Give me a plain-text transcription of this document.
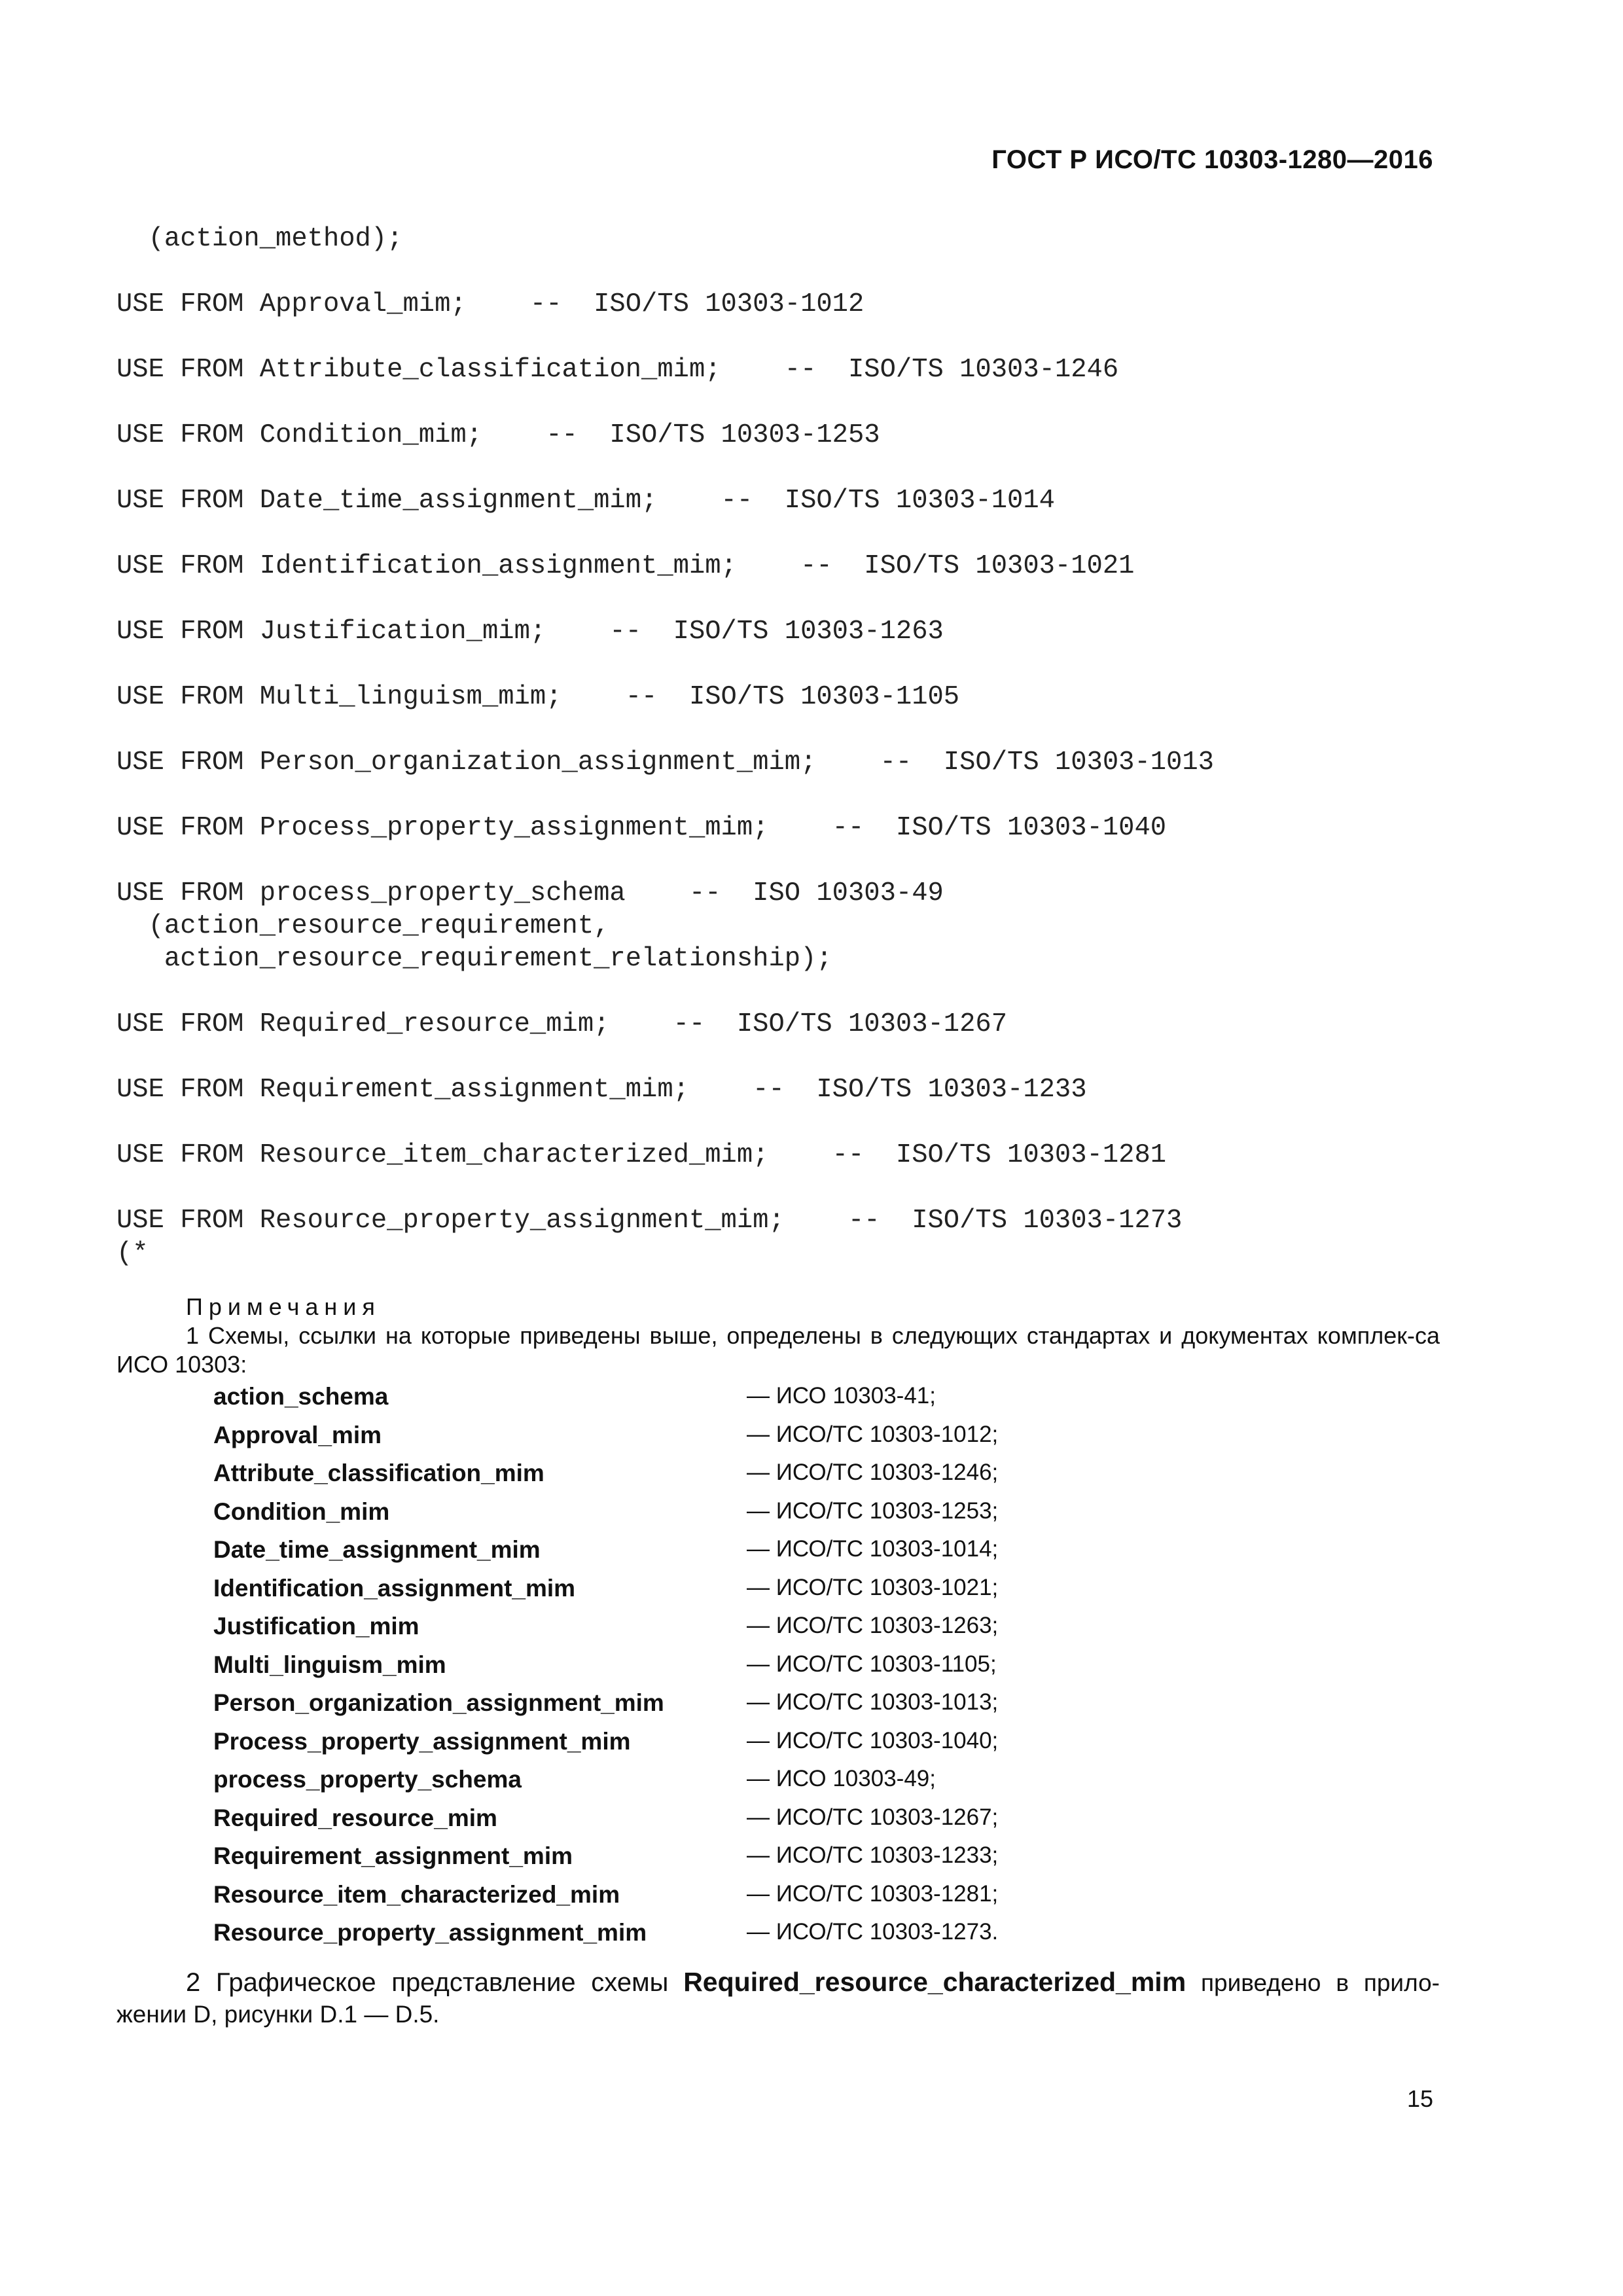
ГОСТ Р ИСО/ТС 10303-1280—2016
(action_method);
USE FROM Approval_mim;    --  ISO/TS 10303-1012
USE FROM Attribute_classification_mim;    --  ISO/TS 10303-1246
USE FROM Condition_mim;    --  ISO/TS 10303-1253
USE FROM Date_time_assignment_mim;    --  ISO/TS 10303-1014
USE FROM Identification_assignment_mim;    --  ISO/TS 10303-1021
USE FROM Justification_mim;    --  ISO/TS 10303-1263
USE FROM Multi_linguism_mim;    --  ISO/TS 10303-1105
USE FROM Person_organization_assignment_mim;    --  ISO/TS 10303-1013
USE FROM Process_property_assignment_mim;    --  ISO/TS 10303-1040
USE FROM process_property_schema    --  ISO 10303-49
(action_resource_requirement,
action_resource_requirement_relationship);
USE FROM Required_resource_mim;    --  ISO/TS 10303-1267
USE FROM Requirement_assignment_mim;    --  ISO/TS 10303-1233
USE FROM Resource_item_characterized_mim;    --  ISO/TS 10303-1281
USE FROM Resource_property_assignment_mim;    --  ISO/TS 10303-1273
(*
Примечания
1 Схемы, ссылки на которые приведены выше, определены в следующих стандартах и документах комплек-са ИСО 10303:
action_schema	— ИСО 10303-41;
Approval_mim	— ИСО/ТС 10303-1012;
Attribute_classification_mim	— ИСО/ТС 10303-1246;
Condition_mim	— ИСО/ТС 10303-1253;
Date_time_assignment_mim	— ИСО/ТС 10303-1014;
Identification_assignment_mim	— ИСО/ТС 10303-1021;
Justification_mim	— ИСО/ТС 10303-1263;
Multi_linguism_mim	— ИСО/ТС 10303-1105;
Person_organization_assignment_mim	— ИСО/ТС 10303-1013;
Process_property_assignment_mim	— ИСО/ТС 10303-1040;
process_property_schema	— ИСО 10303-49;
Required_resource_mim	— ИСО/ТС 10303-1267;
Requirement_assignment_mim	— ИСО/ТС 10303-1233;
Resource_item_characterized_mim	— ИСО/ТС 10303-1281;
Resource_property_assignment_mim	— ИСО/ТС 10303-1273.
2 Графическое представление схемы Required_resource_characterized_mim приведено в прило-жении D, рисунки D.1 — D.5.
15
